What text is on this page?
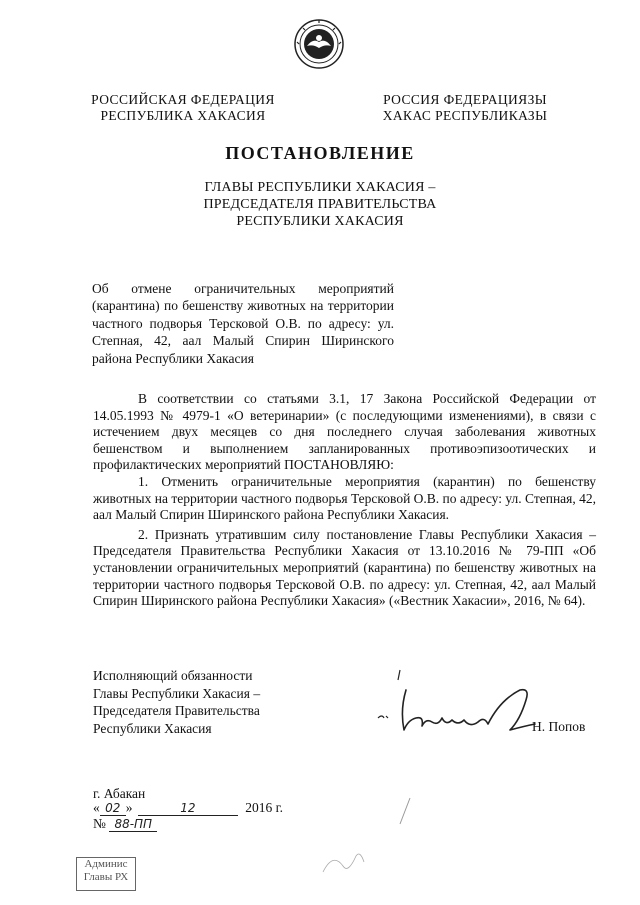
РОССИЙСКАЯ ФЕДЕРАЦИЯ
РЕСПУБЛИКА ХАКАСИЯ
РОССИЯ ФЕДЕРАЦИЯЗЫ
ХАКАС РЕСПУБЛИКАЗЫ
ПОСТАНОВЛЕНИЕ
ГЛАВЫ РЕСПУБЛИКИ ХАКАСИЯ –
ПРЕДСЕДАТЕЛЯ ПРАВИТЕЛЬСТВА
РЕСПУБЛИКИ ХАКАСИЯ
Об отмене ограничительных мероприятий (карантина) по бешенству животных на территории частного подворья Терсковой О.В. по адресу: ул. Степная, 42, аал Малый Спирин Ширинского района Республики Хакасия
В соответствии со статьями 3.1, 17 Закона Российской Федерации от 14.05.1993 № 4979-1 «О ветеринарии» (с последующими изменениями), в связи с истечением двух месяцев со дня последнего случая заболевания животных бешенством и выполнением запланированных противоэпизоотических и профилактических мероприятий ПОСТАНОВЛЯЮ:
1. Отменить ограничительные мероприятия (карантин) по бешенству животных на территории частного подворья Терсковой О.В. по адресу: ул. Степная, 42, аал Малый Спирин Ширинского района Республики Хакасия.
2. Признать утратившим силу постановление Главы Республики Хакасия – Председателя Правительства Республики Хакасия от 13.10.2016 № 79-ПП «Об установлении ограничительных мероприятий (карантина) по бешенству животных на территории частного подворья Терсковой О.В. по адресу: ул. Степная, 42, аал Малый Спирин Ширинского района Республики Хакасия» («Вестник Хакасии», 2016, № 64).
Исполняющий обязанности
Главы Республики Хакасия –
Председателя Правительства
Республики Хакасия	Н. Попов
г. Абакан
« 02 »	12	2016 г.
№ 88-ПП
Админис
Главы РХ
